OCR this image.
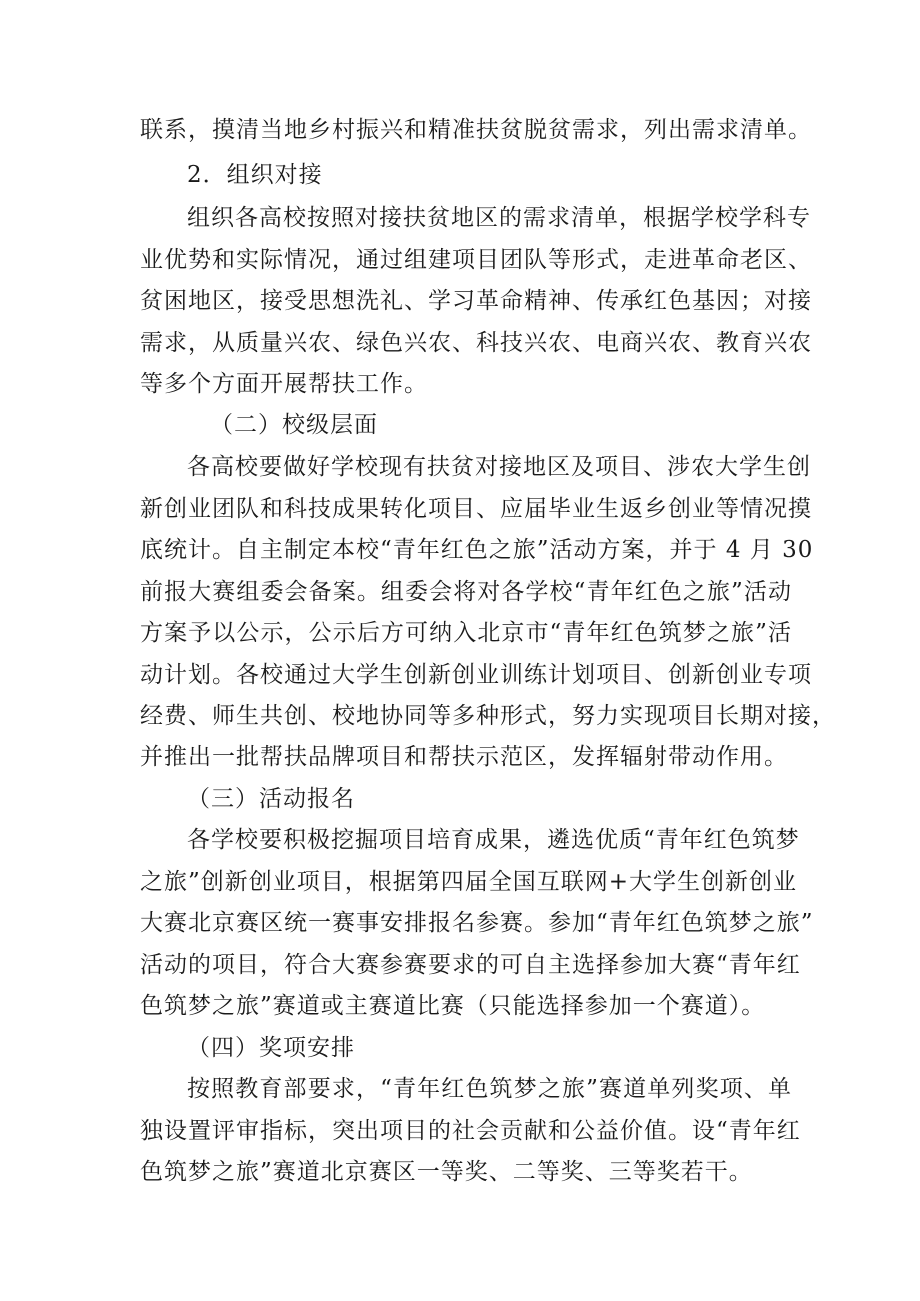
联系，摸清当地乡村振兴和精准扶贫脱贫需求，列出需求清单。
2．组织对接
组织各高校按照对接扶贫地区的需求清单，根据学校学科专
业优势和实际情况，通过组建项目团队等形式，走进革命老区、
贫困地区，接受思想洗礼、学习革命精神、传承红色基因；对接
需求，从质量兴农、绿色兴农、科技兴农、电商兴农、教育兴农
等多个方面开展帮扶工作。
（二）校级层面
各高校要做好学校现有扶贫对接地区及项目、涉农大学生创
新创业团队和科技成果转化项目、应届毕业生返乡创业等情况摸
底统计。自主制定本校“青年红色之旅”活动方案，并于 4 月 30
前报大赛组委会备案。组委会将对各学校“青年红色之旅”活动
方案予以公示，公示后方可纳入北京市“青年红色筑梦之旅”活
动计划。各校通过大学生创新创业训练计划项目、创新创业专项
经费、师生共创、校地协同等多种形式，努力实现项目长期对接，
并推出一批帮扶品牌项目和帮扶示范区，发挥辐射带动作用。
（三）活动报名
各学校要积极挖掘项目培育成果，遴选优质“青年红色筑梦
之旅”创新创业项目，根据第四届全国互联网+大学生创新创业
大赛北京赛区统一赛事安排报名参赛。参加“青年红色筑梦之旅”
活动的项目，符合大赛参赛要求的可自主选择参加大赛“青年红
色筑梦之旅”赛道或主赛道比赛（只能选择参加一个赛道）。
（四）奖项安排
按照教育部要求，“青年红色筑梦之旅”赛道单列奖项、单
独设置评审指标，突出项目的社会贡献和公益价值。设“青年红
色筑梦之旅”赛道北京赛区一等奖、二等奖、三等奖若干。
